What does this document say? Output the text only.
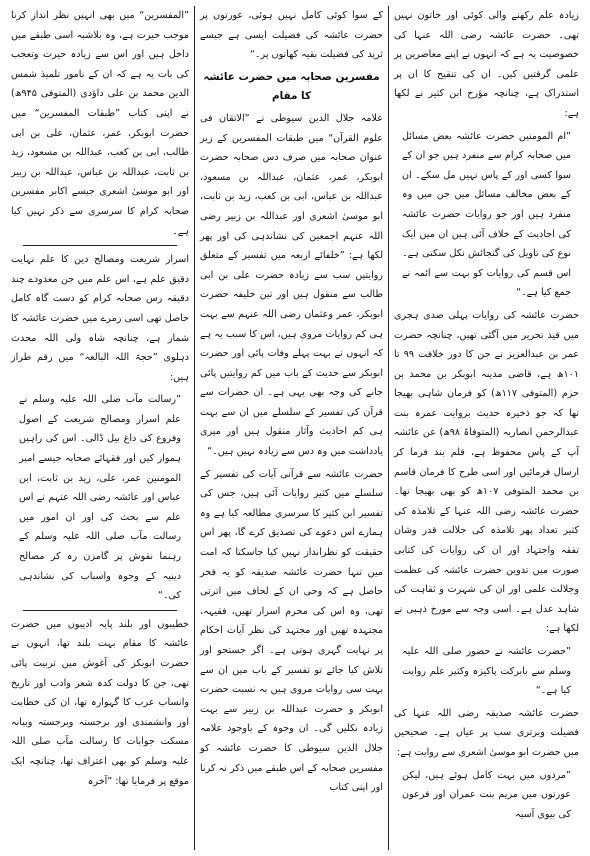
زیادہ علم رکھنے والی کوئی اور خاتون نہیں تھی۔ حضرت عائشہ رضی اللہ عنہا کی خصوصیت یہ ہے کہ انہوں نے اپنے معاصرین پر علمی گرفتیں کیں۔ ان کی تنقیح کا ان پر استدراک ہے، چنانچہ مؤرخ ابن کثیر نے لکھا ہے:

”ام المومنین حضرت عائشہ بعض مسائل میں صحابہ کرام سے منفرد ہیں جو ان کے سوا کسی اور کے پاس نہیں مل سکے۔ ان کے بعض مخالف مسائل میں جن میں وہ منفرد ہیں اور جو روایات حضرت عائشہ کی احادیث کے خلاف آئی ہیں ان میں ایک نوع کی تاویل کی گنجائش نکل سکتی ہے۔ اس قسم کی روایات کو بہت سے ائمہ نے جمع کیا ہے۔“

حضرت عائشہ کی روایات پہلی صدی ہجری میں قید تحریر میں آگئی تھیں، چنانچہ حضرت عمر بن عبدالعزیز نے جن کا دور خلافت ۹۹ تا ۱۰۱ھ ہے، قاضی مدینہ ابوبکر بن محمد بن حزم (المتوفی ۱۱۷ھ) کو فرمان شاہی بھیجا تھا کہ جو ذخیرہ حدیث بروایت عمرہ بنت عبدالرحمن انصاریہ (المتوفاۃ ۹۸ھ) عن عائشہ آپ کے پاس محفوظ ہے، قلم بند فرما کر ارسال فرمائیں اور اسی طرح کا فرمان قاسم بن محمد المتوفی ۱۰۷ھ کو بھی بھیجا تھا۔ حضرت عائشہ رضی اللہ عنہا کے تلامذہ کی کثیر تعداد پھر تلامذہ کی جلالت قدر وشان تفقہ واجتہاد اور ان کی روایات کی کتابی صورت میں تدوین حضرت عائشہ کی عظمت وجلالت علمی اور ان کی شہرت و ثقاہت کی شاہد عدل ہے۔ اسی وجہ سے مورخ ذہبی نے لکھا ہے:

”حضرت عائشہ نے حضور صلی اللہ علیہ وسلم سے بابرکت پاکیزہ وکثیر علم روایت کیا ہے۔“

حضرت عائشہ صدیقہ رضی اللہ عنہا کی فضیلت وبرتری سب پر عیاں ہے۔ صحیحین میں حضرت ابو موسیٰ اشعری سے روایت ہے:

”مردوں میں بہت کامل ہوئے ہیں، لیکن عورتوں میں مریم بنت عمران اور فرعون کی بیوی آسیہ

کے سوا کوئی کامل نہیں ہوئی، عورتوں پر حضرت عائشہ کی فضیلت ایسی ہے جیسے ثرید کی فضیلت بقیہ کھانوں پر۔“

مفسرین صحابہ میں حضرت عائشہ کا مقام

علامہ جلال الدین سیوطی نے ”الاتقان فی علوم القرآن“ میں طبقات المفسرین کے زیر عنوان صحابہ میں صرف دس صحابہ حضرت ابوبکر، عمر، عثمان، عبداللہ بن مسعود، عبداللہ بن عباس، ابی بن کعب، زید بن ثابت، ابو موسیٰ اشعری اور عبداللہ بن زبیر رضی اللہ عنہم اجمعین کی نشاندہی کی اور پھر لکھا ہے: ”خلفائے اربعہ میں تفسیر کے متعلق روایتیں سب سے زیادہ حضرت علی بن ابی طالب سے منقول ہیں اور تین خلیفہ حضرت ابوبکر، عمر وعثمان رضی اللہ عنہم سے بہت ہی کم روایات مروی ہیں، اس کا سبب یہ ہے کہ انہوں نے بہت پہلے وفات پائی اور حضرت ابوبکر سے حدیث کے باب میں کم روایتیں پائی جانے کی وجہ بھی یہی ہے۔ ان حضرات سے قرآن کی تفسیر کے سلسلے میں ان سے بہت ہی کم احادیث وآثار منقول ہیں اور میری یادداشت میں وہ دس سے زیادہ نہیں ہیں۔“

حضرت عائشہ سے قرآنی آیات کی تفسیر کے سلسلے میں کثیر روایات آئی ہیں، جس کی تفسیر ابن کثیر کا سرسری مطالعہ کیا ہے وہ ہمارے اس دعوے کی تصدیق کرے گا، پھر اس حقیقت کو نظرانداز نہیں کیا جاسکتا کہ امت میں تنہا حضرت عائشہ صدیقہ کو یہ فخر حاصل ہے کہ وحی ان کے لحاف میں اترتی تھی، وہ اس کی محرم اسرار تھیں، فقیہہ، مجتہدہ تھیں اور مجتہد کی نظر آیات احکام پر نہایت گہری ہوتی ہے۔ اگر جستجو اور تلاش کیا جائے تو تفسیر کے باب میں ان سے بہت سی روایات مروی ہیں بہ نسبت حضرت ابوبکر و حضرت عبداللہ بن زبیر سے بہت زیادہ نکلیں گی۔ ان وجوہ کے باوجود علامہ جلال الدین سیوطی کا حضرت عائشہ کو مفسرین صحابہ کے اس طبقے میں ذکر نہ کرنا اور اپنی کتاب

”المفسرین“ میں بھی انہیں نظر انداز کرنا موجب حیرت ہے، وہ بلاشبہ اسی طبقے میں داخل ہیں اور اس سے زیادہ حیرت وتعجب کی بات یہ ہے کہ ان کے نامور تلمیذ شمس الدین محمد بن علی داؤدی (المتوفی ۹۴۵ھ) نے اپنی کتاب ”طبقات المفسرین“ میں حضرت ابوبکر، عمر، عثمان، علی بن ابی طالب، ابی بن کعب، عبداللہ بن مسعود، زید بن ثابت، عبداللہ بن عباس، عبداللہ بن زبیر اور ابو موسیٰ اشعری جیسے اکابر مفسرین صحابہ کرام کا سرسری سے ذکر نہیں کیا ہے۔

اسرار شریعت ومصالح دین کا علم نہایت دقیق علم ہے، اس علم میں جن معدودے چند دقیقہ رس صحابہ کرام کو دست گاہ کامل حاصل تھی اسی زمرے میں حضرت عائشہ کا شمار ہے، چنانچہ شاہ ولی اللہ محدث دہلوی ”حجۃ اللہ البالغہ“ میں رقم طراز ہیں:

”رسالت مآب صلی اللہ علیہ وسلم نے علم اسرار ومصالح شریعت کے اصول وفروع کی داغ بیل ڈالی۔ اس کی راہیں ہموار کیں اور فقہائے صحابہ جیسے امیر المومنین عمر، علی، زید بن ثابت، ابن عباس اور عائشہ رضی اللہ عنہم نے اس علم سے بحث کی اور ان امور میں رسالت مآب صلی اللہ علیہ وسلم کے رہنما نقوش پر گامزن رہ کر مصالح دینیہ کے وجوہ واسباب کی نشاندہی کی۔“

خطیبوں اور بلند پایہ ادیبوں میں حضرت عائشہ کا مقام بہت بلند تھا، انہوں نے حضرت ابوبکر کی آغوش میں تربیت پائی تھی، جن کا دولت کدہ شعر وادب اور تاریخ وانساب عرب کا گہوارہ تھا، ان کی خطابت اور وانشمندی اور برجستہ وبرجستہ وبیانہ مسکت جوابات کا رسالت مآب صلی اللہ علیہ وسلم کو بھی اعتراف تھا، چنانچہ ایک موقع پر فرمایا تھا: ”آخرہ
